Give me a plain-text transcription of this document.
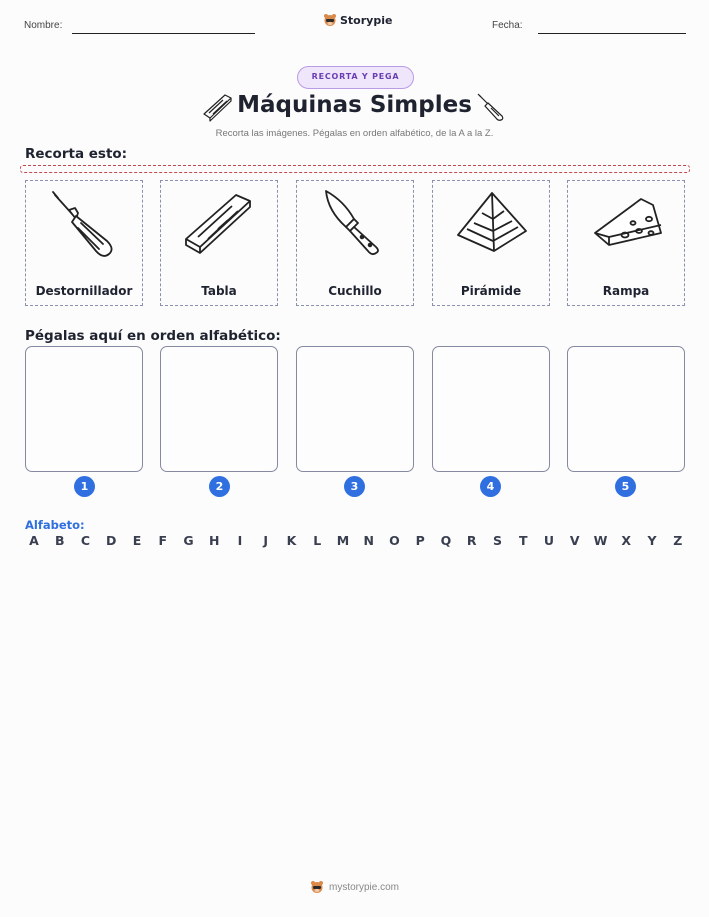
Nombre:	Storypie	Fecha:
RECORTA Y PEGA
Máquinas Simples
Recorta las imágenes. Pégalas en orden alfabético, de la A a la Z.
Recorta esto:
Destornillador	Tabla	Cuchillo	Pirámide	Rampa
Pégalas aquí en orden alfabético:
1	2	3	4	5
Alfabeto:
A B C D E F G H	I	J	K	L	M N O P Q R S T U V W X Y Z
mystorypie.com
